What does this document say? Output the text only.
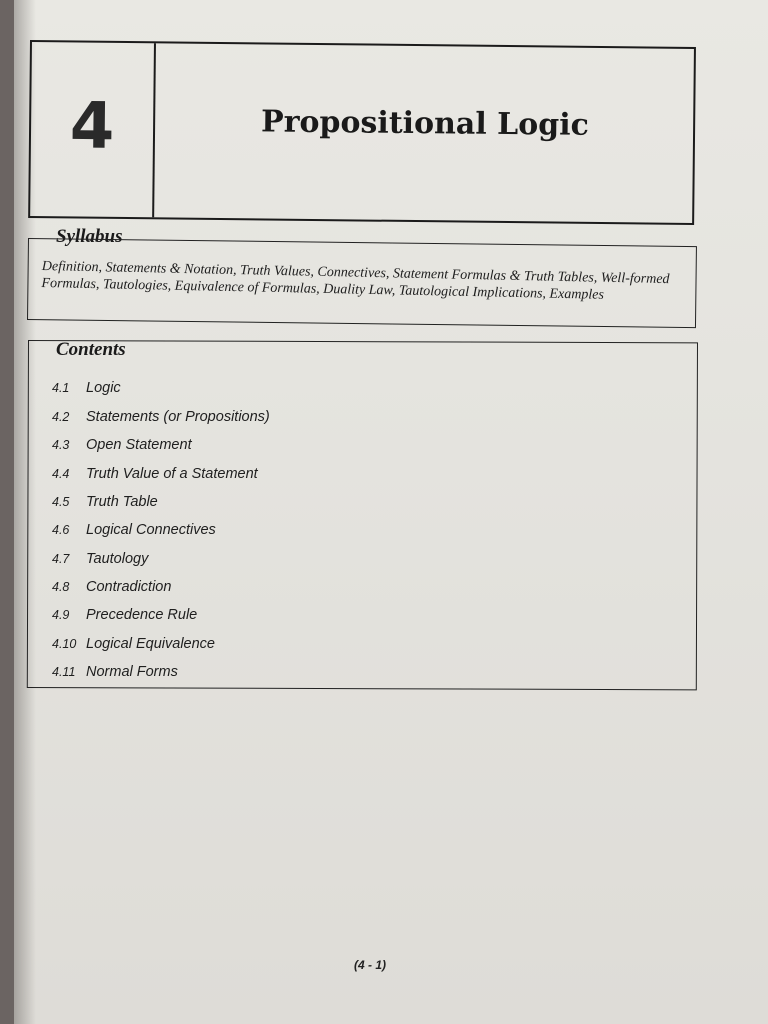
4	Propositional Logic
Syllabus
Definition, Statements & Notation, Truth Values, Connectives, Statement Formulas & Truth Tables, Well-formed Formulas, Tautologies, Equivalence of Formulas, Duality Law, Tautological Implications, Examples
Contents
4.1 Logic
4.2 Statements (or Propositions)
4.3 Open Statement
4.4 Truth Value of a Statement
4.5 Truth Table
4.6 Logical Connectives
4.7 Tautology
4.8 Contradiction
4.9 Precedence Rule
4.10 Logical Equivalence
4.11 Normal Forms
(4 - 1)
